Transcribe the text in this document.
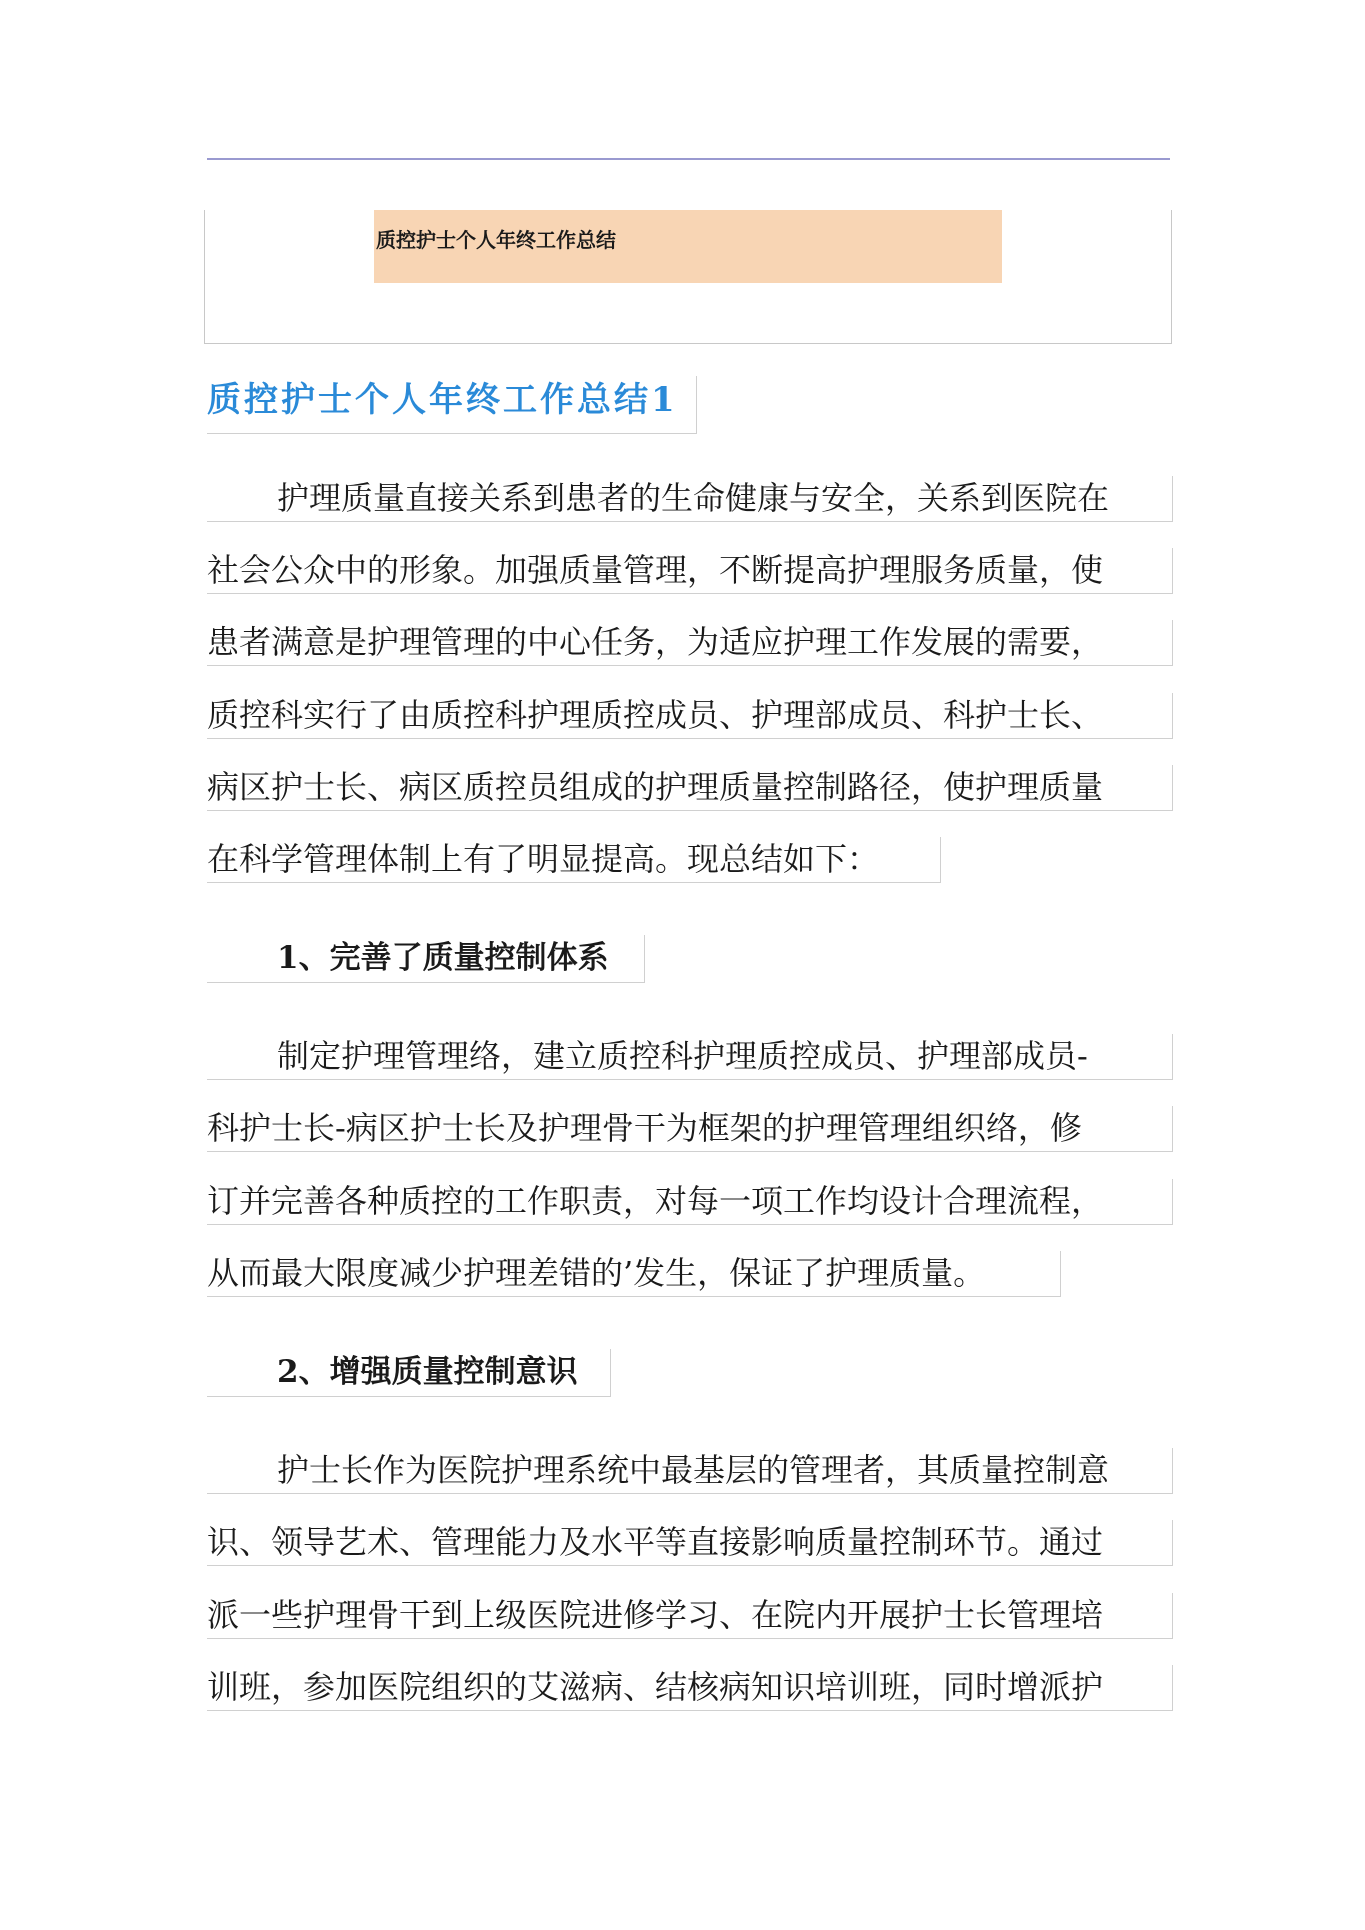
质控护士个人年终工作总结
质控护士个人年终工作总结1
护理质量直接关系到患者的生命健康与安全，关系到医院在
社会公众中的形象。加强质量管理，不断提高护理服务质量，使
患者满意是护理管理的中心任务，为适应护理工作发展的需要，
质控科实行了由质控科护理质控成员、护理部成员、科护士长、
病区护士长、病区质控员组成的护理质量控制路径，使护理质量
在科学管理体制上有了明显提高。现总结如下：
1、完善了质量控制体系
制定护理管理络，建立质控科护理质控成员、护理部成员-
科护士长-病区护士长及护理骨干为框架的护理管理组织络，修
订并完善各种质控的工作职责，对每一项工作均设计合理流程，
从而最大限度减少护理差错的’发生，保证了护理质量。
2、增强质量控制意识
护士长作为医院护理系统中最基层的管理者，其质量控制意
识、领导艺术、管理能力及水平等直接影响质量控制环节。通过
派一些护理骨干到上级医院进修学习、在院内开展护士长管理培
训班，参加医院组织的艾滋病、结核病知识培训班，同时增派护
